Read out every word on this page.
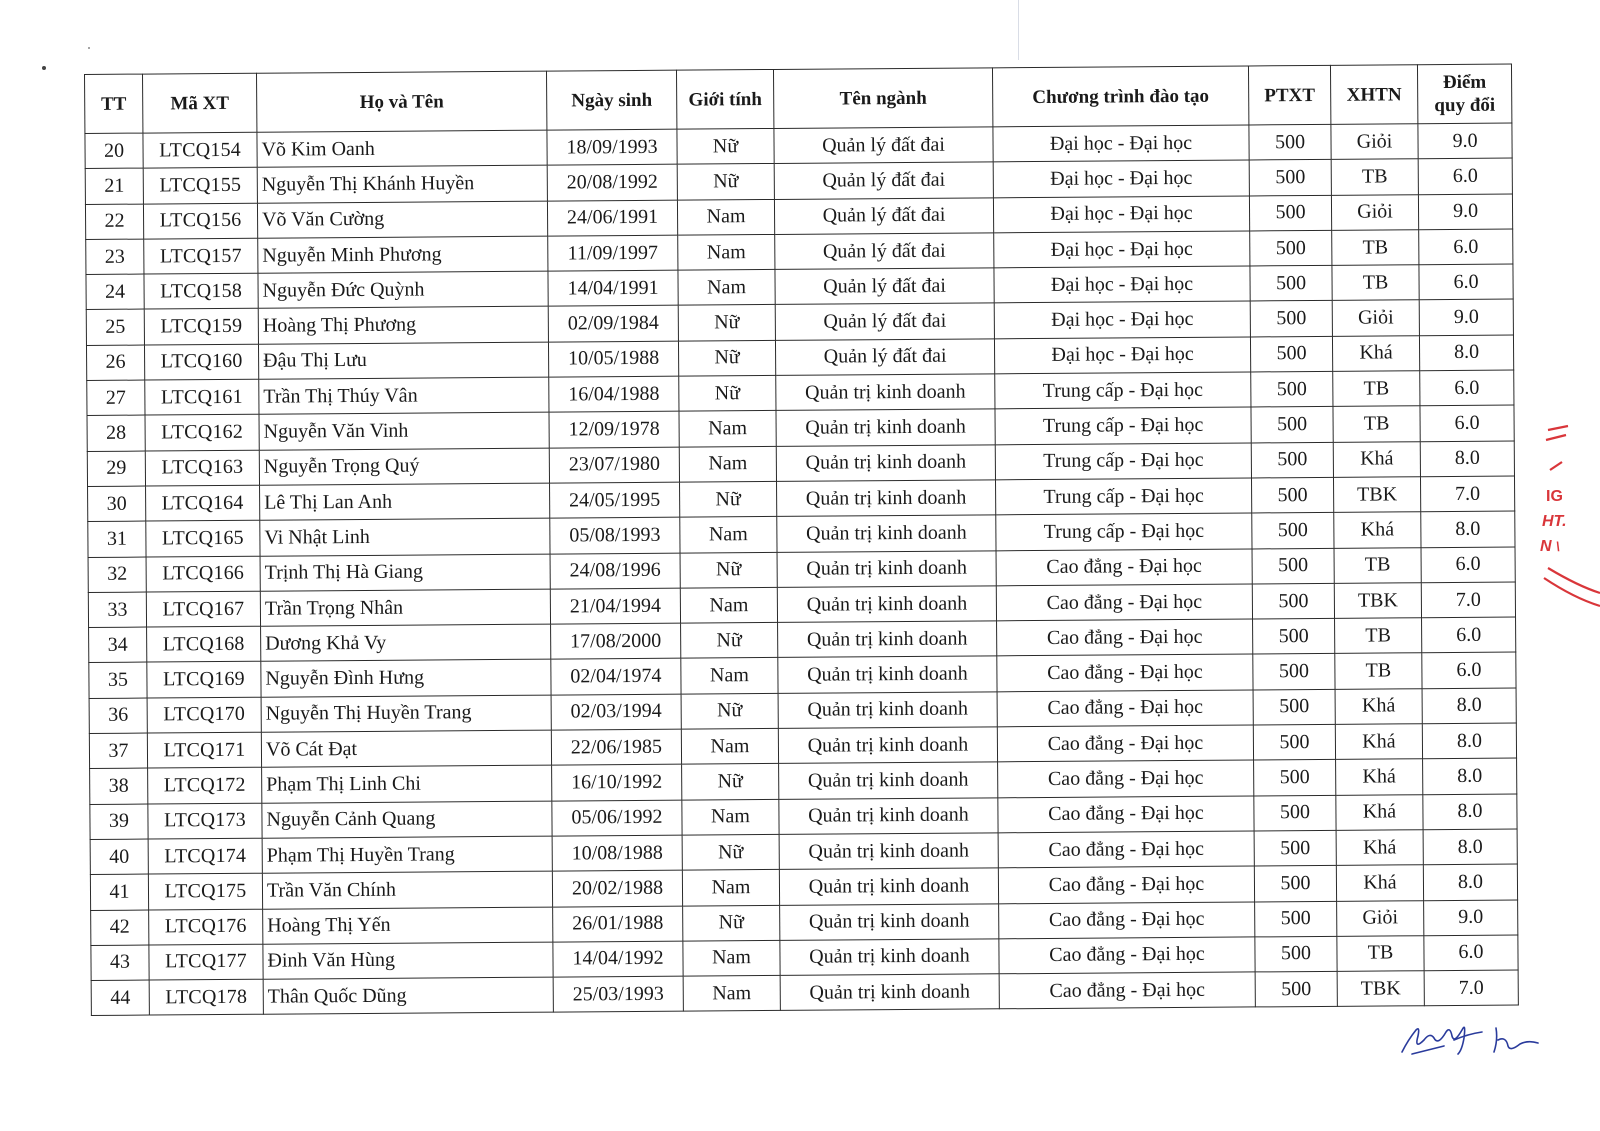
TT	Mã XT	Họ và Tên	Ngày sinh	Giới tính	Tên ngành	Chương trình đào tạo	PTXT	XHTN	Điểm
quy đổi
20	LTCQ154	Võ Kim Oanh	18/09/1993	Nữ	Quản lý đất đai	Đại học - Đại học	500	Giỏi	9.0
21	LTCQ155	Nguyễn Thị Khánh Huyền	20/08/1992	Nữ	Quản lý đất đai	Đại học - Đại học	500	TB	6.0
22	LTCQ156	Võ Văn Cường	24/06/1991	Nam	Quản lý đất đai	Đại học - Đại học	500	Giỏi	9.0
23	LTCQ157	Nguyễn Minh Phương	11/09/1997	Nam	Quản lý đất đai	Đại học - Đại học	500	TB	6.0
24	LTCQ158	Nguyễn Đức Quỳnh	14/04/1991	Nam	Quản lý đất đai	Đại học - Đại học	500	TB	6.0
25	LTCQ159	Hoàng Thị Phương	02/09/1984	Nữ	Quản lý đất đai	Đại học - Đại học	500	Giỏi	9.0
26	LTCQ160	Đậu Thị Lưu	10/05/1988	Nữ	Quản lý đất đai	Đại học - Đại học	500	Khá	8.0
27	LTCQ161	Trần Thị Thúy Vân	16/04/1988	Nữ	Quản trị kinh doanh	Trung cấp - Đại học	500	TB	6.0
28	LTCQ162	Nguyễn Văn Vinh	12/09/1978	Nam	Quản trị kinh doanh	Trung cấp - Đại học	500	TB	6.0
29	LTCQ163	Nguyễn Trọng Quý	23/07/1980	Nam	Quản trị kinh doanh	Trung cấp - Đại học	500	Khá	8.0
30	LTCQ164	Lê Thị Lan Anh	24/05/1995	Nữ	Quản trị kinh doanh	Trung cấp - Đại học	500	TBK	7.0
31	LTCQ165	Vi Nhật Linh	05/08/1993	Nam	Quản trị kinh doanh	Trung cấp - Đại học	500	Khá	8.0
32	LTCQ166	Trịnh Thị Hà Giang	24/08/1996	Nữ	Quản trị kinh doanh	Cao đẳng - Đại học	500	TB	6.0
33	LTCQ167	Trần Trọng Nhân	21/04/1994	Nam	Quản trị kinh doanh	Cao đẳng - Đại học	500	TBK	7.0
34	LTCQ168	Dương Khả Vy	17/08/2000	Nữ	Quản trị kinh doanh	Cao đẳng - Đại học	500	TB	6.0
35	LTCQ169	Nguyễn Đình Hưng	02/04/1974	Nam	Quản trị kinh doanh	Cao đẳng - Đại học	500	TB	6.0
36	LTCQ170	Nguyễn Thị Huyền Trang	02/03/1994	Nữ	Quản trị kinh doanh	Cao đẳng - Đại học	500	Khá	8.0
37	LTCQ171	Võ Cát Đạt	22/06/1985	Nam	Quản trị kinh doanh	Cao đẳng - Đại học	500	Khá	8.0
38	LTCQ172	Phạm Thị Linh Chi	16/10/1992	Nữ	Quản trị kinh doanh	Cao đẳng - Đại học	500	Khá	8.0
39	LTCQ173	Nguyễn Cảnh Quang	05/06/1992	Nam	Quản trị kinh doanh	Cao đẳng - Đại học	500	Khá	8.0
40	LTCQ174	Phạm Thị Huyền Trang	10/08/1988	Nữ	Quản trị kinh doanh	Cao đẳng - Đại học	500	Khá	8.0
41	LTCQ175	Trần Văn Chính	20/02/1988	Nam	Quản trị kinh doanh	Cao đẳng - Đại học	500	Khá	8.0
42	LTCQ176	Hoàng Thị Yến	26/01/1988	Nữ	Quản trị kinh doanh	Cao đẳng - Đại học	500	Giỏi	9.0
43	LTCQ177	Đinh Văn Hùng	14/04/1992	Nam	Quản trị kinh doanh	Cao đẳng - Đại học	500	TB	6.0
44	LTCQ178	Thân Quốc Dũng	25/03/1993	Nam	Quản trị kinh doanh	Cao đẳng - Đại học	500	TBK	7.0
IG
HT.
N \
